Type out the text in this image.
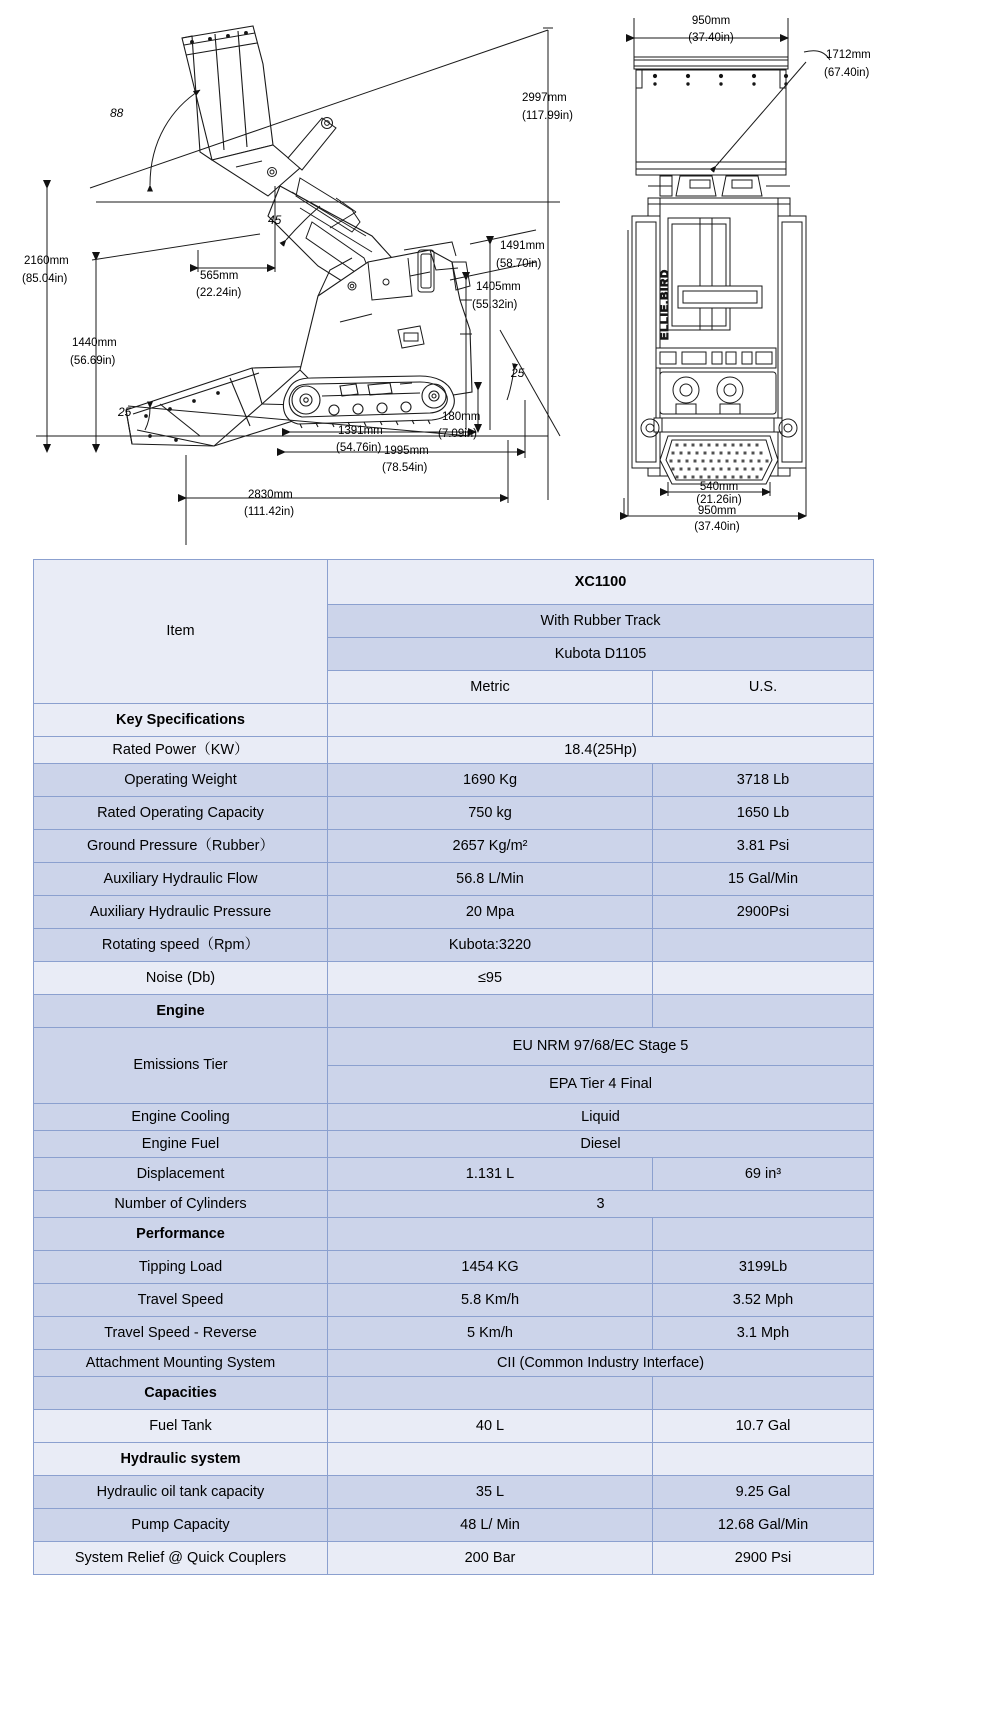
2997mm
(117.99in)
2160mm
(85.04in)
1440mm
(56.69in)
565mm
(22.24in)
1491mm
(58.70in)
1405mm
(55.32in)
180mm
(7.09in)
1391mm
(54.76in) 1995mm
(78.54in)
2830mm
(111.42in)
88
45
25
25
ELLIE.BIRD
950mm
(37.40in)
1712mm
(67.40in)
540mm
(21.26in)
950mm
(37.40in)
Item	XC1100	
	With Rubber Track	
	Kubota D1105	
	Metric	U.S.
Key Specifications		
Rated Power（KW）	18.4(25Hp)	
Operating Weight	1690 Kg	3718 Lb
Rated Operating Capacity	750 kg	1650 Lb
Ground Pressure（Rubber）	2657 Kg/m²	3.81 Psi
Auxiliary Hydraulic Flow	56.8 L/Min	15 Gal/Min
Auxiliary Hydraulic Pressure	20 Mpa	2900Psi
Rotating speed（Rpm）	Kubota:3220	
Noise (Db)	≤95	
Engine		
Emissions Tier	EU NRM 97/68/EC Stage 5	
	EPA Tier 4 Final	
Engine Cooling	Liquid	
Engine Fuel	Diesel	
Displacement	1.131 L	69 in³
Number of Cylinders	3	
Performance		
Tipping Load	1454 KG	3199Lb
Travel Speed	5.8 Km/h	3.52 Mph
Travel Speed - Reverse	5 Km/h	3.1 Mph
Attachment Mounting System	CII (Common Industry Interface)	
Capacities		
Fuel Tank	40 L	10.7 Gal
Hydraulic system		
Hydraulic oil tank capacity	35 L	9.25 Gal
Pump Capacity	48 L/ Min	12.68 Gal/Min
System Relief @ Quick Couplers	200 Bar	2900 Psi
